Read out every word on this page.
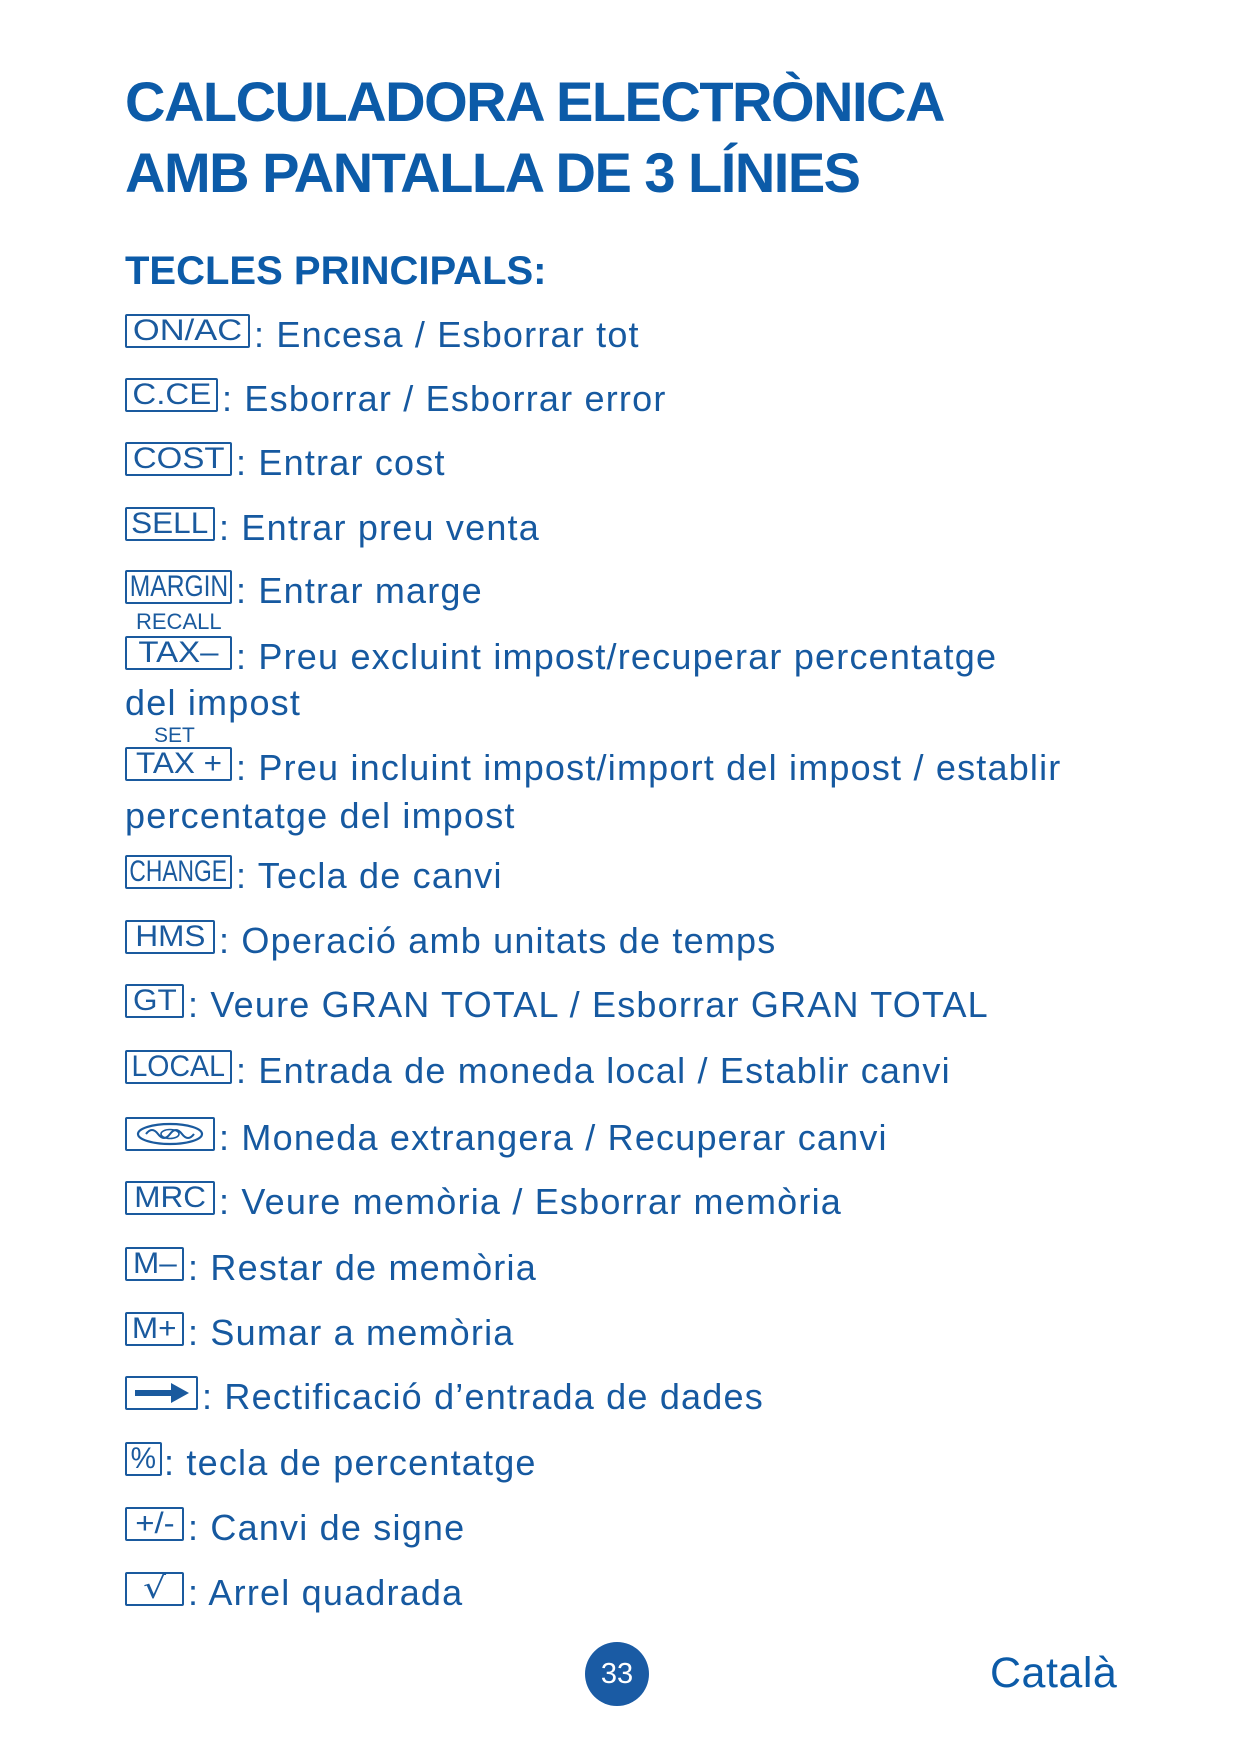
CALCULADORA ELECTRÒNICA
AMB PANTALLA DE 3 LÍNIES
TECLES PRINCIPALS:
ON/AC : Encesa / Esborrar tot
C.CE : Esborrar / Esborrar error
COST : Entrar cost
SELL : Entrar preu venta
MARGIN : Entrar marge
RECALL
TAX– : Preu excluint impost/recuperar percentatge
del impost
SET
TAX + : Preu incluint impost/import del impost / establir
percentatge del impost
CHANGE : Tecla de canvi
HMS : Operació amb unitats de temps
GT : Veure GRAN TOTAL / Esborrar GRAN TOTAL
LOCAL : Entrada de moneda local / Establir canvi
: Moneda extrangera / Recuperar canvi
MRC : Veure memòria / Esborrar memòria
M– : Restar de memòria
M+ : Sumar a memòria
: Rectificació d’entrada de dades
% : tecla de percentatge
+/- : Canvi de signe
√ : Arrel quadrada
33	Català
